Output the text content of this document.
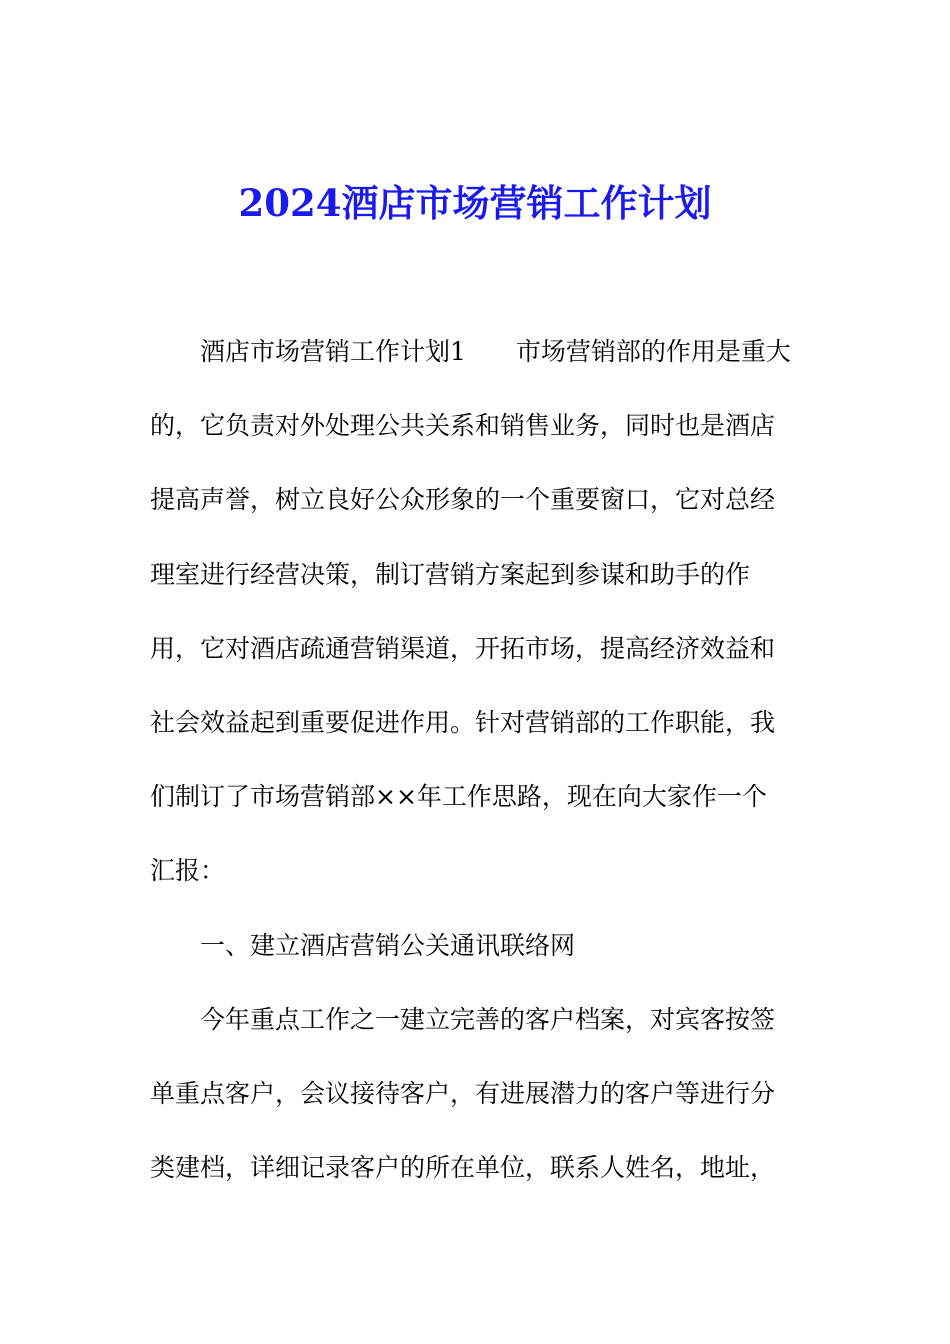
2024酒店市场营销工作计划
酒店市场营销工作计划1　　市场营销部的作用是重大
的，它负责对外处理公共关系和销售业务，同时也是酒店
提高声誉，树立良好公众形象的一个重要窗口，它对总经
理室进行经营决策，制订营销方案起到参谋和助手的作
用，它对酒店疏通营销渠道，开拓市场，提高经济效益和
社会效益起到重要促进作用。针对营销部的工作职能，我
们制订了市场营销部××年工作思路，现在向大家作一个
汇报：
一、建立酒店营销公关通讯联络网
今年重点工作之一建立完善的客户档案，对宾客按签
单重点客户，会议接待客户，有进展潜力的客户等进行分
类建档，详细记录客户的所在单位，联系人姓名，地址，
